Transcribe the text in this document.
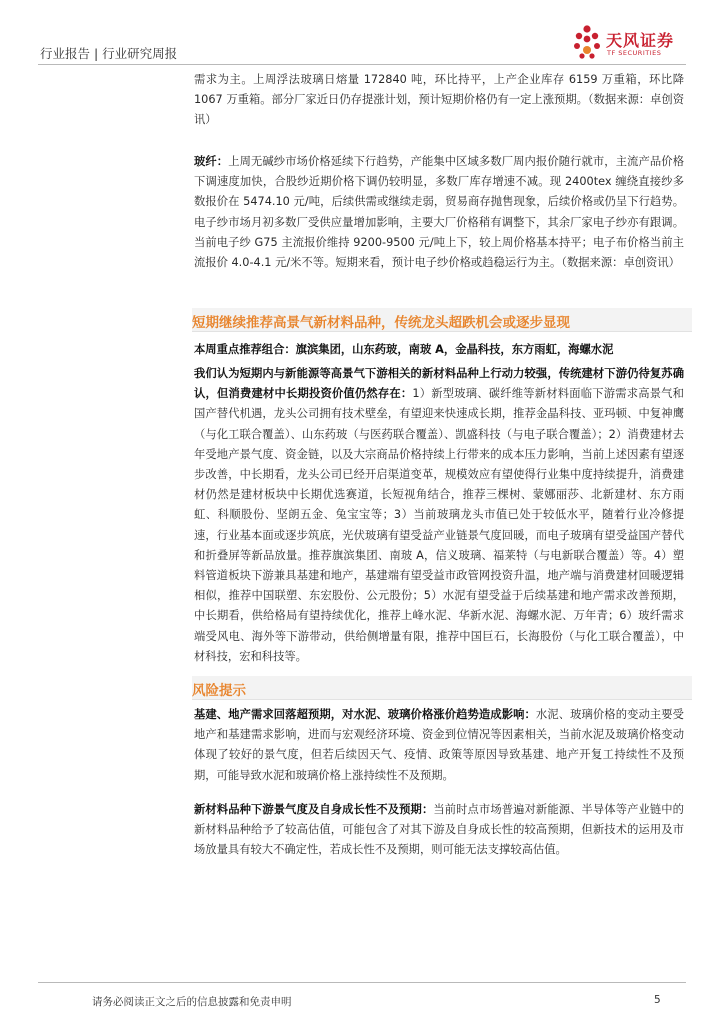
行业报告 | 行业研究周报
天风证券
TF SECURITIES
需求为主。上周浮法玻璃日熔量 172840 吨，环比持平，上产企业库存 6159 万重箱，环比降 1067 万重箱。部分厂家近日仍存提涨计划，预计短期价格仍有一定上涨预期。（数据来源：卓创资讯）
玻纤：上周无碱纱市场价格延续下行趋势，产能集中区域多数厂周内报价随行就市，主流产品价格下调速度加快，合股纱近期价格下调仍较明显，多数厂库存增速不减。现 2400tex 缠绕直接纱多数报价在 5474.10 元/吨，后续供需或继续走弱，贸易商存抛售现象，后续价格或仍呈下行趋势。电子纱市场月初多数厂受供应量增加影响，主要大厂价格稍有调整下，其余厂家电子纱亦有跟调。当前电子纱 G75 主流报价维持 9200-9500 元/吨上下，较上周价格基本持平；电子布价格当前主流报价 4.0-4.1 元/米不等。短期来看，预计电子纱价格或趋稳运行为主。（数据来源：卓创资讯）
短期继续推荐高景气新材料品种，传统龙头超跌机会或逐步显现
本周重点推荐组合：旗滨集团，山东药玻，南玻 A，金晶科技，东方雨虹，海螺水泥
我们认为短期内与新能源等高景气下游相关的新材料品种上行动力较强，传统建材下游仍待复苏确认，但消费建材中长期投资价值仍然存在：1）新型玻璃、碳纤维等新材料面临下游需求高景气和国产替代机遇，龙头公司拥有技术壁垒，有望迎来快速成长期，推荐金晶科技、亚玛顿、中复神鹰（与化工联合覆盖）、山东药玻（与医药联合覆盖）、凯盛科技（与电子联合覆盖）；2）消费建材去年受地产景气度、资金链，以及大宗商品价格持续上行带来的成本压力影响，当前上述因素有望逐步改善，中长期看，龙头公司已经开启渠道变革，规模效应有望使得行业集中度持续提升，消费建材仍然是建材板块中长期优选赛道，长短视角结合，推荐三棵树、蒙娜丽莎、北新建材、东方雨虹、科顺股份、坚朗五金、兔宝宝等；3）当前玻璃龙头市值已处于较低水平，随着行业冷修提速，行业基本面或逐步筑底，光伏玻璃有望受益产业链景气度回暖，而电子玻璃有望受益国产替代和折叠屏等新品放量。推荐旗滨集团、南玻 A，信义玻璃、福莱特（与电新联合覆盖）等。4）塑料管道板块下游兼具基建和地产，基建端有望受益市政管网投资升温，地产端与消费建材回暖逻辑相似，推荐中国联塑、东宏股份、公元股份；5）水泥有望受益于后续基建和地产需求改善预期，中长期看，供给格局有望持续优化，推荐上峰水泥、华新水泥、海螺水泥、万年青；6）玻纤需求端受风电、海外等下游带动，供给侧增量有限，推荐中国巨石，长海股份（与化工联合覆盖），中材科技，宏和科技等。
风险提示
基建、地产需求回落超预期，对水泥、玻璃价格涨价趋势造成影响：水泥、玻璃价格的变动主要受地产和基建需求影响，进而与宏观经济环境、资金到位情况等因素相关，当前水泥及玻璃价格变动体现了较好的景气度，但若后续因天气、疫情、政策等原因导致基建、地产开复工持续性不及预期，可能导致水泥和玻璃价格上涨持续性不及预期。
新材料品种下游景气度及自身成长性不及预期：当前时点市场普遍对新能源、半导体等产业链中的新材料品种给予了较高估值，可能包含了对其下游及自身成长性的较高预期，但新技术的运用及市场放量具有较大不确定性，若成长性不及预期，则可能无法支撑较高估值。
请务必阅读正文之后的信息披露和免责申明	5
